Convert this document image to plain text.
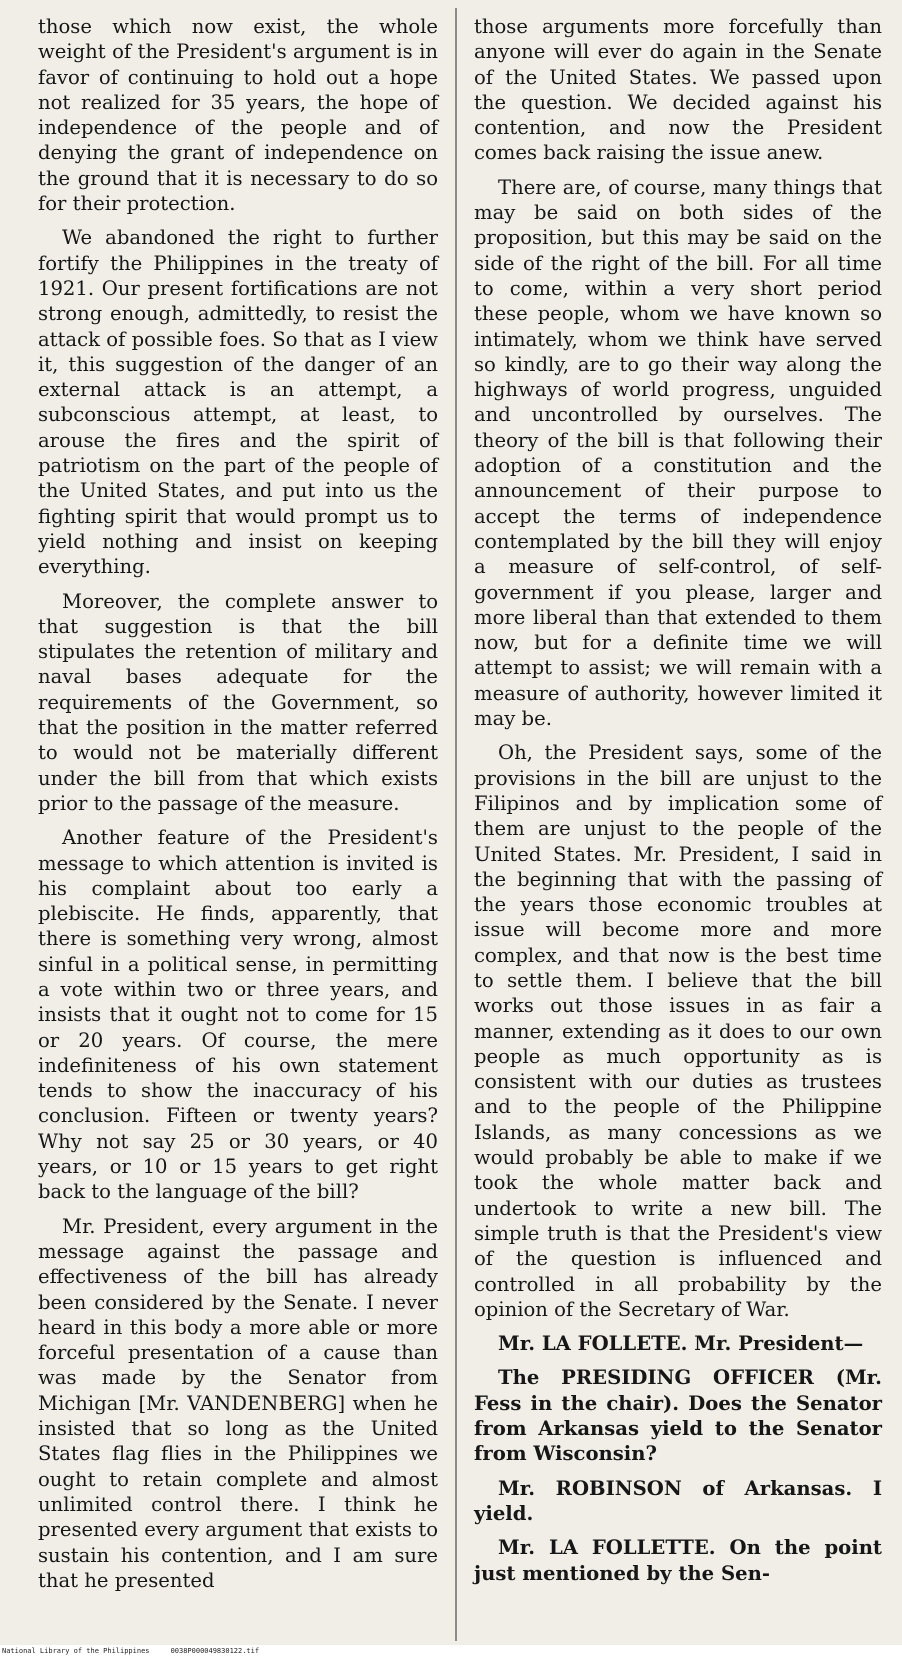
those which now exist, the whole weight of the President's argument is in favor of continuing to hold out a hope not realized for 35 years, the hope of independence of the people and of denying the grant of independence on the ground that it is necessary to do so for their protection.

We abandoned the right to further fortify the Philippines in the treaty of 1921. Our present fortifications are not strong enough, admittedly, to resist the attack of possible foes. So that as I view it, this suggestion of the danger of an external attack is an attempt, a subconscious attempt, at least, to arouse the fires and the spirit of patriotism on the part of the people of the United States, and put into us the fighting spirit that would prompt us to yield nothing and insist on keeping everything.

Moreover, the complete answer to that suggestion is that the bill stipulates the retention of military and naval bases adequate for the requirements of the Government, so that the position in the matter referred to would not be materially different under the bill from that which exists prior to the passage of the measure.

Another feature of the President's message to which attention is invited is his complaint about too early a plebiscite. He finds, apparently, that there is something very wrong, almost sinful in a political sense, in permitting a vote within two or three years, and insists that it ought not to come for 15 or 20 years. Of course, the mere indefiniteness of his own statement tends to show the inaccuracy of his conclusion. Fifteen or twenty years? Why not say 25 or 30 years, or 40 years, or 10 or 15 years to get right back to the language of the bill?

Mr. President, every argument in the message against the passage and effectiveness of the bill has already been considered by the Senate. I never heard in this body a more able or more forceful presentation of a cause than was made by the Senator from Michigan [Mr. VANDENBERG] when he insisted that so long as the United States flag flies in the Philippines we ought to retain complete and almost unlimited control there. I think he presented every argument that exists to sustain his contention, and I am sure that he presented

those arguments more forcefully than anyone will ever do again in the Senate of the United States. We passed upon the question. We decided against his contention, and now the President comes back raising the issue anew.

There are, of course, many things that may be said on both sides of the proposition, but this may be said on the side of the right of the bill. For all time to come, within a very short period these people, whom we have known so intimately, whom we think have served so kindly, are to go their way along the highways of world progress, unguided and uncontrolled by ourselves. The theory of the bill is that following their adoption of a constitution and the announcement of their purpose to accept the terms of independence contemplated by the bill they will enjoy a measure of self-control, of self-government if you please, larger and more liberal than that extended to them now, but for a definite time we will attempt to assist; we will remain with a measure of authority, however limited it may be.

Oh, the President says, some of the provisions in the bill are unjust to the Filipinos and by implication some of them are unjust to the people of the United States. Mr. President, I said in the beginning that with the passing of the years those economic troubles at issue will become more and more complex, and that now is the best time to settle them. I believe that the bill works out those issues in as fair a manner, extending as it does to our own people as much opportunity as is consistent with our duties as trustees and to the people of the Philippine Islands, as many concessions as we would probably be able to make if we took the whole matter back and undertook to write a new bill. The simple truth is that the President's view of the question is influenced and controlled in all probability by the opinion of the Secretary of War.

Mr. LA FOLLETE. Mr. President—

The PRESIDING OFFICER (Mr. Fess in the chair). Does the Senator from Arkansas yield to the Senator from Wisconsin?

Mr. ROBINSON of Arkansas. I yield.

Mr. LA FOLLETTE. On the point just mentioned by the Sen-

National Library of the Philippines     0038P000049830122.tif
